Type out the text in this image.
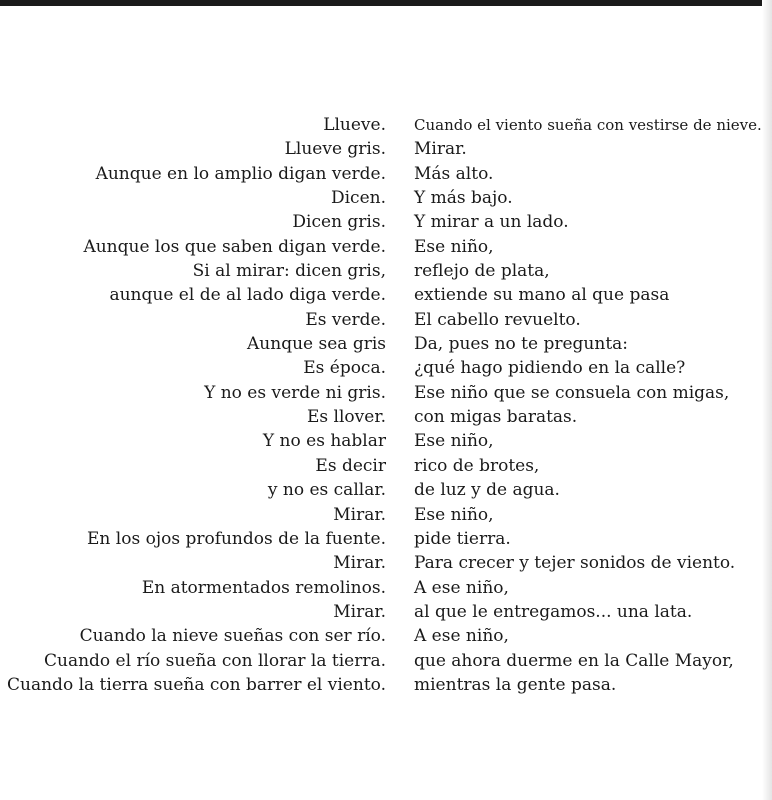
Llueve.
Llueve gris.
Aunque en lo amplio digan verde.
Dicen.
Dicen gris.
Aunque los que saben digan verde.
Si al mirar: dicen gris,
aunque el de al lado diga verde.
Es verde.
Aunque sea gris
Es época.
Y no es verde ni gris.
Es llover.
Y no es hablar
Es decir
y no es callar.
Mirar.
En los ojos profundos de la fuente.
Mirar.
En atormentados remolinos.
Mirar.
Cuando la nieve sueñas con ser río.
Cuando el río sueña con llorar la tierra.
Cuando la tierra sueña con barrer el viento.
Cuando el viento sueña con vestirse de nieve.
Mirar.
Más alto.
Y más bajo.
Y mirar a un lado.
Ese niño,
reflejo de plata,
extiende su mano al que pasa
El cabello revuelto.
Da, pues no te pregunta:
¿qué hago pidiendo en la calle?
Ese niño que se consuela con migas,
con migas baratas.
Ese niño,
rico de brotes,
de luz y de agua.
Ese niño,
pide tierra.
Para crecer y tejer sonidos de viento.
A ese niño,
al que le entregamos... una lata.
A ese niño,
que ahora duerme en la Calle Mayor,
mientras la gente pasa.
